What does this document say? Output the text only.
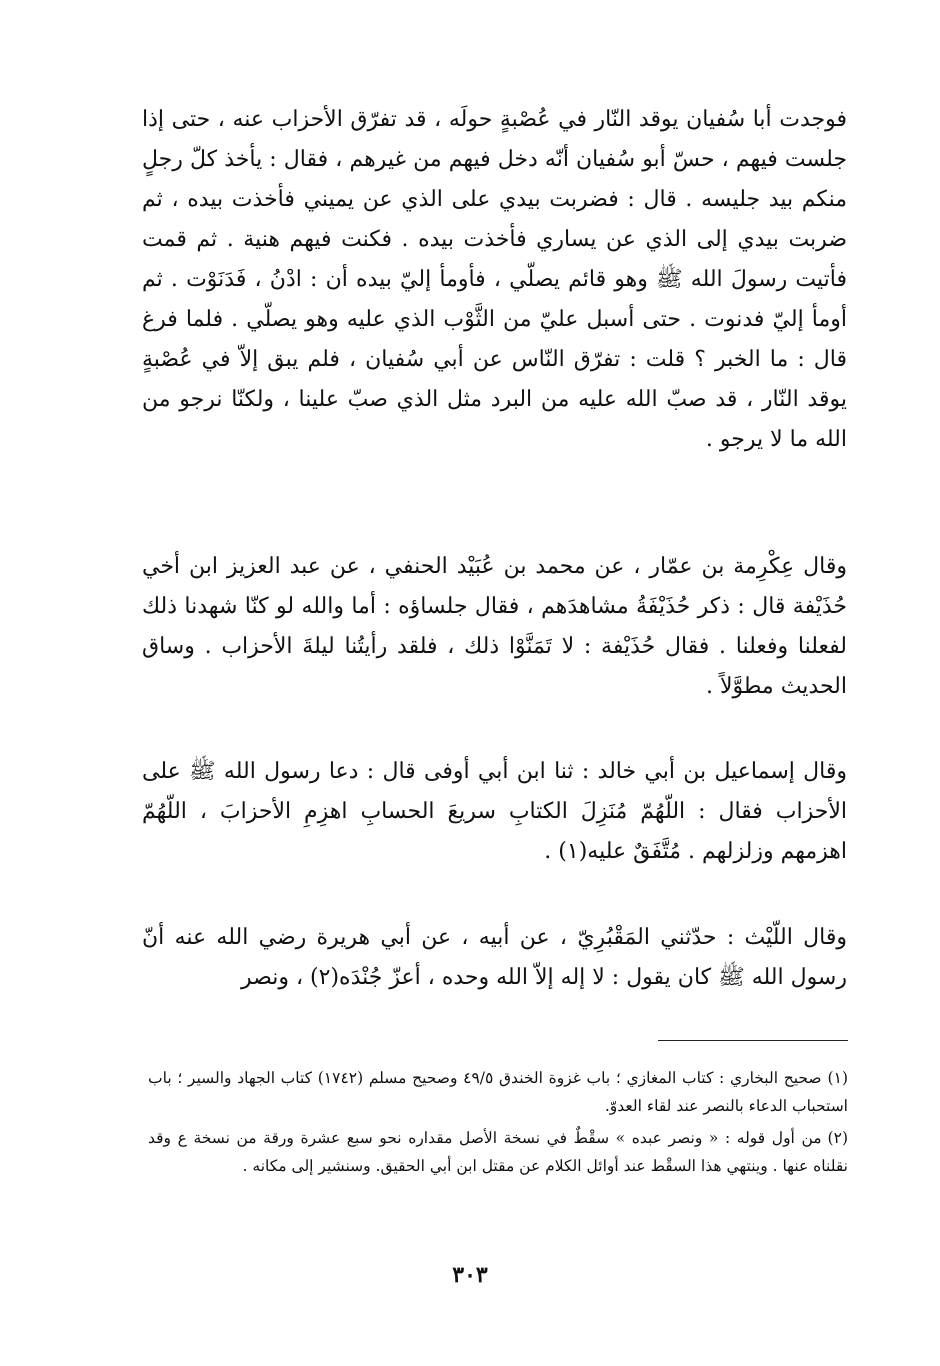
فوجدت أبا سُفيان يوقد النّار في عُصْبةٍ حولَه ، قد تفرّق الأحزاب عنه ، حتى إذا جلست فيهم ، حسّ أبو سُفيان أنّه دخل فيهم من غيرهم ، فقال : يأخذ كلّ رجلٍ منكم بيد جليسه . قال : فضربت بيدي على الذي عن يميني فأخذت بيده ، ثم ضربت بيدي إلى الذي عن يساري فأخذت بيده . فكنت فيهم هنية . ثم قمت فأتيت رسولَ الله ﷺ وهو قائم يصلّي ، فأومأ إليّ بيده أن : ادْنُ ، فَدَنَوْت . ثم أومأ إليّ فدنوت . حتى أسبل عليّ من الثَّوْب الذي عليه وهو يصلّي . فلما فرغ قال : ما الخبر ؟ قلت : تفرّق النّاس عن أبي سُفيان ، فلم يبق إلاّ في عُصْبةٍ يوقد النّار ، قد صبّ الله عليه من البرد مثل الذي صبّ علينا ، ولكنّا نرجو من الله ما لا يرجو .

وقال عِكْرِمة بن عمّار ، عن محمد بن عُبَيْد الحنفي ، عن عبد العزيز ابن أخي حُذَيْفة قال : ذكر حُذَيْفَةُ مشاهدَهم ، فقال جلساؤه : أما والله لو كنّا شهدنا ذلك لفعلنا وفعلنا . فقال حُذَيْفة : لا تَمَنَّوْا ذلك ، فلقد رأيتُنا ليلةَ الأحزاب . وساق الحديث مطوَّلاً .

وقال إسماعيل بن أبي خالد : ثنا ابن أبي أوفى قال : دعا رسول الله ﷺ على الأحزاب فقال : اللّهُمّ مُنَزِلَ الكتابِ سريعَ الحسابِ اهزِمِ الأحزابَ ، اللّهُمّ اهزمهم وزلزلهم . مُتَّفَقٌ عليه(١) .

وقال اللّيْث : حدّثني المَقْبُرِيّ ، عن أبيه ، عن أبي هريرة رضي الله عنه أنّ رسول الله ﷺ كان يقول : لا إله إلاّ الله وحده ، أعزّ جُنْدَه(٢) ، ونصر

(١)صحيح البخاري : كتاب المغازي ؛ باب غزوة الخندق ٤٩/٥ وصحيح مسلم (١٧٤٢) كتاب الجهاد والسير ؛ باب استحباب الدعاء بالنصر عند لقاء العدوّ.

(٢)من أول قوله : « ونصر عبده » سقْطٌ في نسخة الأصل مقداره نحو سبع عشرة ورقة من نسخة ع وقد نقلناه عنها . وينتهي هذا السقْط عند أوائل الكلام عن مقتل ابن أبي الحقيق. وسنشير إلى مكانه .

٣٠٣
